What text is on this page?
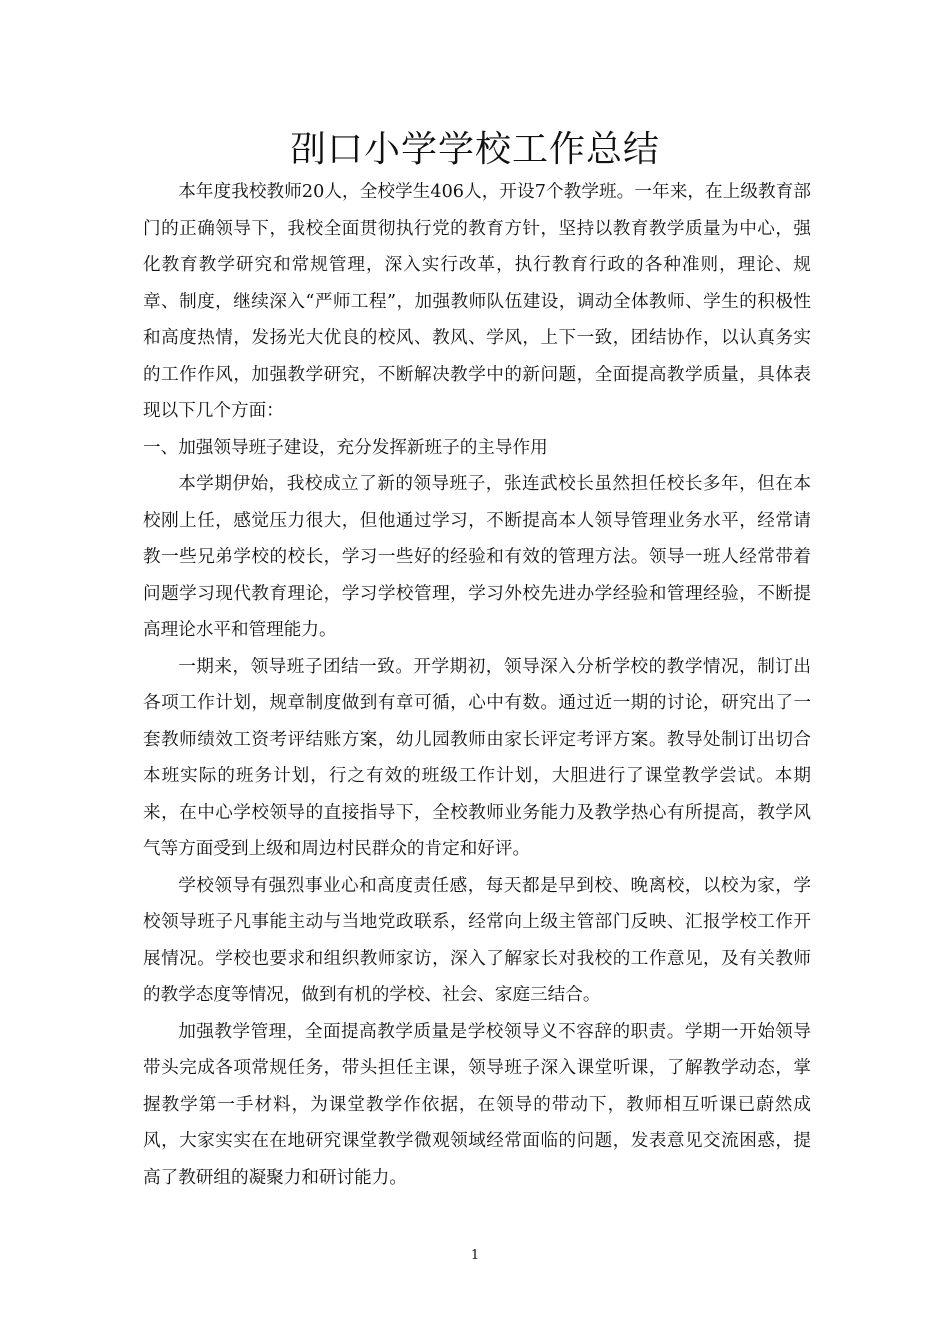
刟口小学学校工作总结

本年度我校教师20人，全校学生406人，开设7个教学班。一年来，在上级教育部门的正确领导下，我校全面贯彻执行党的教育方针，坚持以教育教学质量为中心，强化教育教学研究和常规管理，深入实行改革，执行教育行政的各种准则，理论、规章、制度，继续深入“严师工程”，加强教师队伍建设，调动全体教师、学生的积极性和高度热情，发扬光大优良的校风、教风、学风，上下一致，团结协作，以认真务实的工作作风，加强教学研究，不断解决教学中的新问题，全面提高教学质量，具体表现以下几个方面：

一、加强领导班子建设，充分发挥新班子的主导作用

本学期伊始，我校成立了新的领导班子，张连武校长虽然担任校长多年，但在本校刚上任，感觉压力很大，但他通过学习，不断提高本人领导管理业务水平，经常请教一些兄弟学校的校长，学习一些好的经验和有效的管理方法。领导一班人经常带着问题学习现代教育理论，学习学校管理，学习外校先进办学经验和管理经验，不断提高理论水平和管理能力。

一期来，领导班子团结一致。开学期初，领导深入分析学校的教学情况，制订出各项工作计划，规章制度做到有章可循，心中有数。通过近一期的讨论，研究出了一套教师绩效工资考评结账方案，幼儿园教师由家长评定考评方案。教导处制订出切合本班实际的班务计划，行之有效的班级工作计划，大胆进行了课堂教学尝试。本期来，在中心学校领导的直接指导下，全校教师业务能力及教学热心有所提高，教学风气等方面受到上级和周边村民群众的肯定和好评。

学校领导有强烈事业心和高度责任感，每天都是早到校、晚离校，以校为家，学校领导班子凡事能主动与当地党政联系，经常向上级主管部门反映、汇报学校工作开展情况。学校也要求和组织教师家访，深入了解家长对我校的工作意见，及有关教师的教学态度等情况，做到有机的学校、社会、家庭三结合。

加强教学管理，全面提高教学质量是学校领导义不容辞的职责。学期一开始领导带头完成各项常规任务，带头担任主课，领导班子深入课堂听课，了解教学动态，掌握教学第一手材料，为课堂教学作依据，在领导的带动下，教师相互听课已蔚然成风，大家实实在在地研究课堂教学微观领域经常面临的问题，发表意见交流困惑，提高了教研组的凝聚力和研讨能力。

1
